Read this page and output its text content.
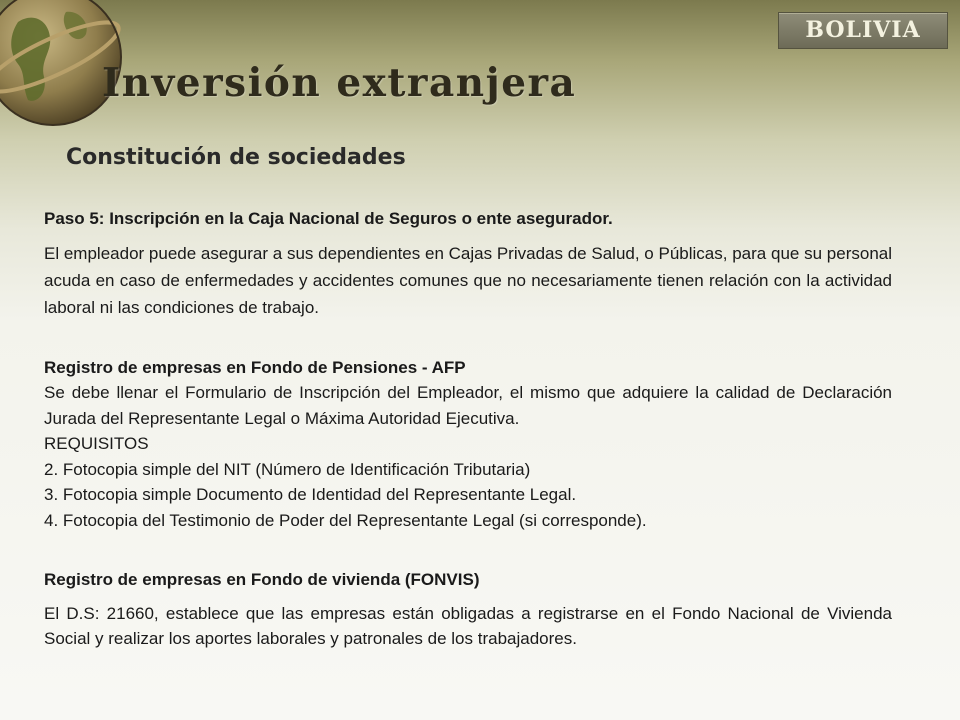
BOLIVIA
Inversión extranjera
Constitución de sociedades

Paso 5: Inscripción en la Caja Nacional de Seguros o ente asegurador.

El empleador puede asegurar a sus dependientes en Cajas Privadas de Salud, o Públicas, para que su personal acuda en caso de enfermedades y accidentes comunes que no necesariamente tienen relación con la actividad laboral ni las condiciones de trabajo.

Registro de empresas en Fondo de Pensiones - AFP

Se debe llenar el Formulario de Inscripción del Empleador, el mismo que adquiere la calidad de Declaración Jurada del Representante Legal o Máxima Autoridad Ejecutiva.

REQUISITOS

2. Fotocopia simple del NIT (Número de Identificación Tributaria)

3. Fotocopia simple Documento de Identidad del Representante Legal.

4. Fotocopia del Testimonio de Poder del Representante Legal (si corresponde).

Registro de empresas en Fondo de vivienda (FONVIS)

El D.S: 21660, establece que las empresas están obligadas a registrarse en el Fondo Nacional de Vivienda Social y realizar los aportes laborales y patronales de los trabajadores.
